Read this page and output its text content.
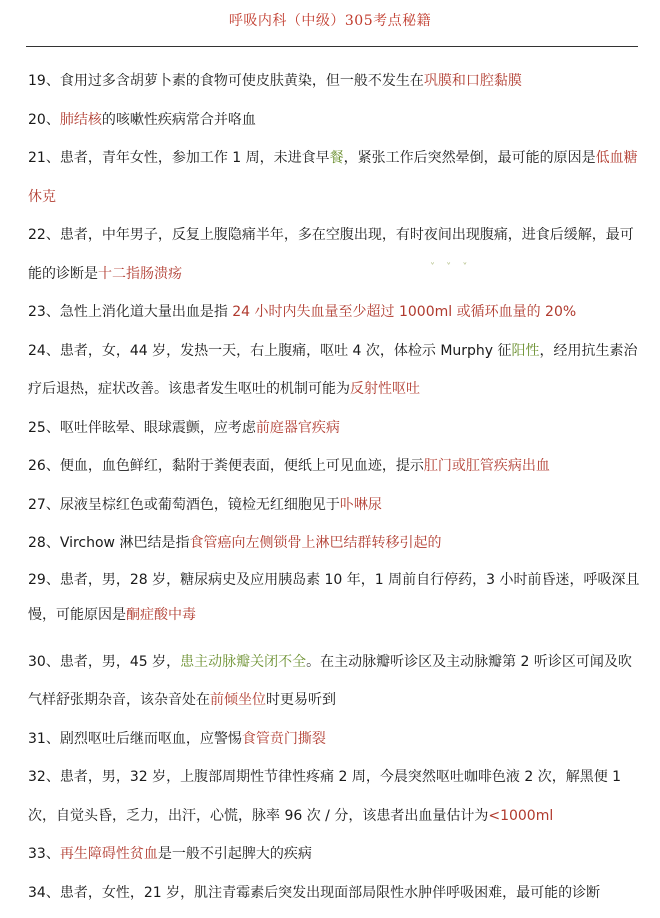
呼吸内科（中级）305考点秘籍
˅ ˅ ˅

19、食用过多含胡萝卜素的食物可使皮肤黄染，但一般不发生在巩膜和口腔黏膜

20、肺结核的咳嗽性疾病常合并咯血

21、患者，青年女性，参加工作 1 周，未进食早餐，紧张工作后突然晕倒，最可能的原因是低血糖休克

22、患者，中年男子，反复上腹隐痛半年，多在空腹出现，有时夜间出现腹痛，进食后缓解，最可能的诊断是十二指肠溃疡

23、急性上消化道大量出血是指 24 小时内失血量至少超过 1000ml 或循环血量的 20%

24、患者，女，44 岁，发热一天，右上腹痛，呕吐 4 次，体检示 Murphy 征阳性，经用抗生素治疗后退热，症状改善。该患者发生呕吐的机制可能为反射性呕吐

25、呕吐伴眩晕、眼球震颤，应考虑前庭器官疾病

26、便血，血色鲜红，黏附于粪便表面，便纸上可见血迹，提示肛门或肛管疾病出血

27、尿液呈棕红色或葡萄酒色，镜检无红细胞见于卟啉尿

28、Virchow 淋巴结是指食管癌向左侧锁骨上淋巴结群转移引起的

29、患者，男，28 岁，糖尿病史及应用胰岛素 10 年，1 周前自行停药，3 小时前昏迷，呼吸深且慢，可能原因是酮症酸中毒

30、患者，男，45 岁，患主动脉瓣关闭不全。在主动脉瓣听诊区及主动脉瓣第 2 听诊区可闻及吹气样舒张期杂音，该杂音处在前倾坐位时更易听到

31、剧烈呕吐后继而呕血，应警惕食管贲门撕裂

32、患者，男，32 岁，上腹部周期性节律性疼痛 2 周，今晨突然呕吐咖啡色液 2 次，解黑便 1 次，自觉头昏，乏力，出汗，心慌，脉率 96 次 / 分，该患者出血量估计为<1000ml

33、再生障碍性贫血是一般不引起脾大的疾病

34、患者，女性，21 岁，肌注青霉素后突发出现面部局限性水肿伴呼吸困难，最可能的诊断
